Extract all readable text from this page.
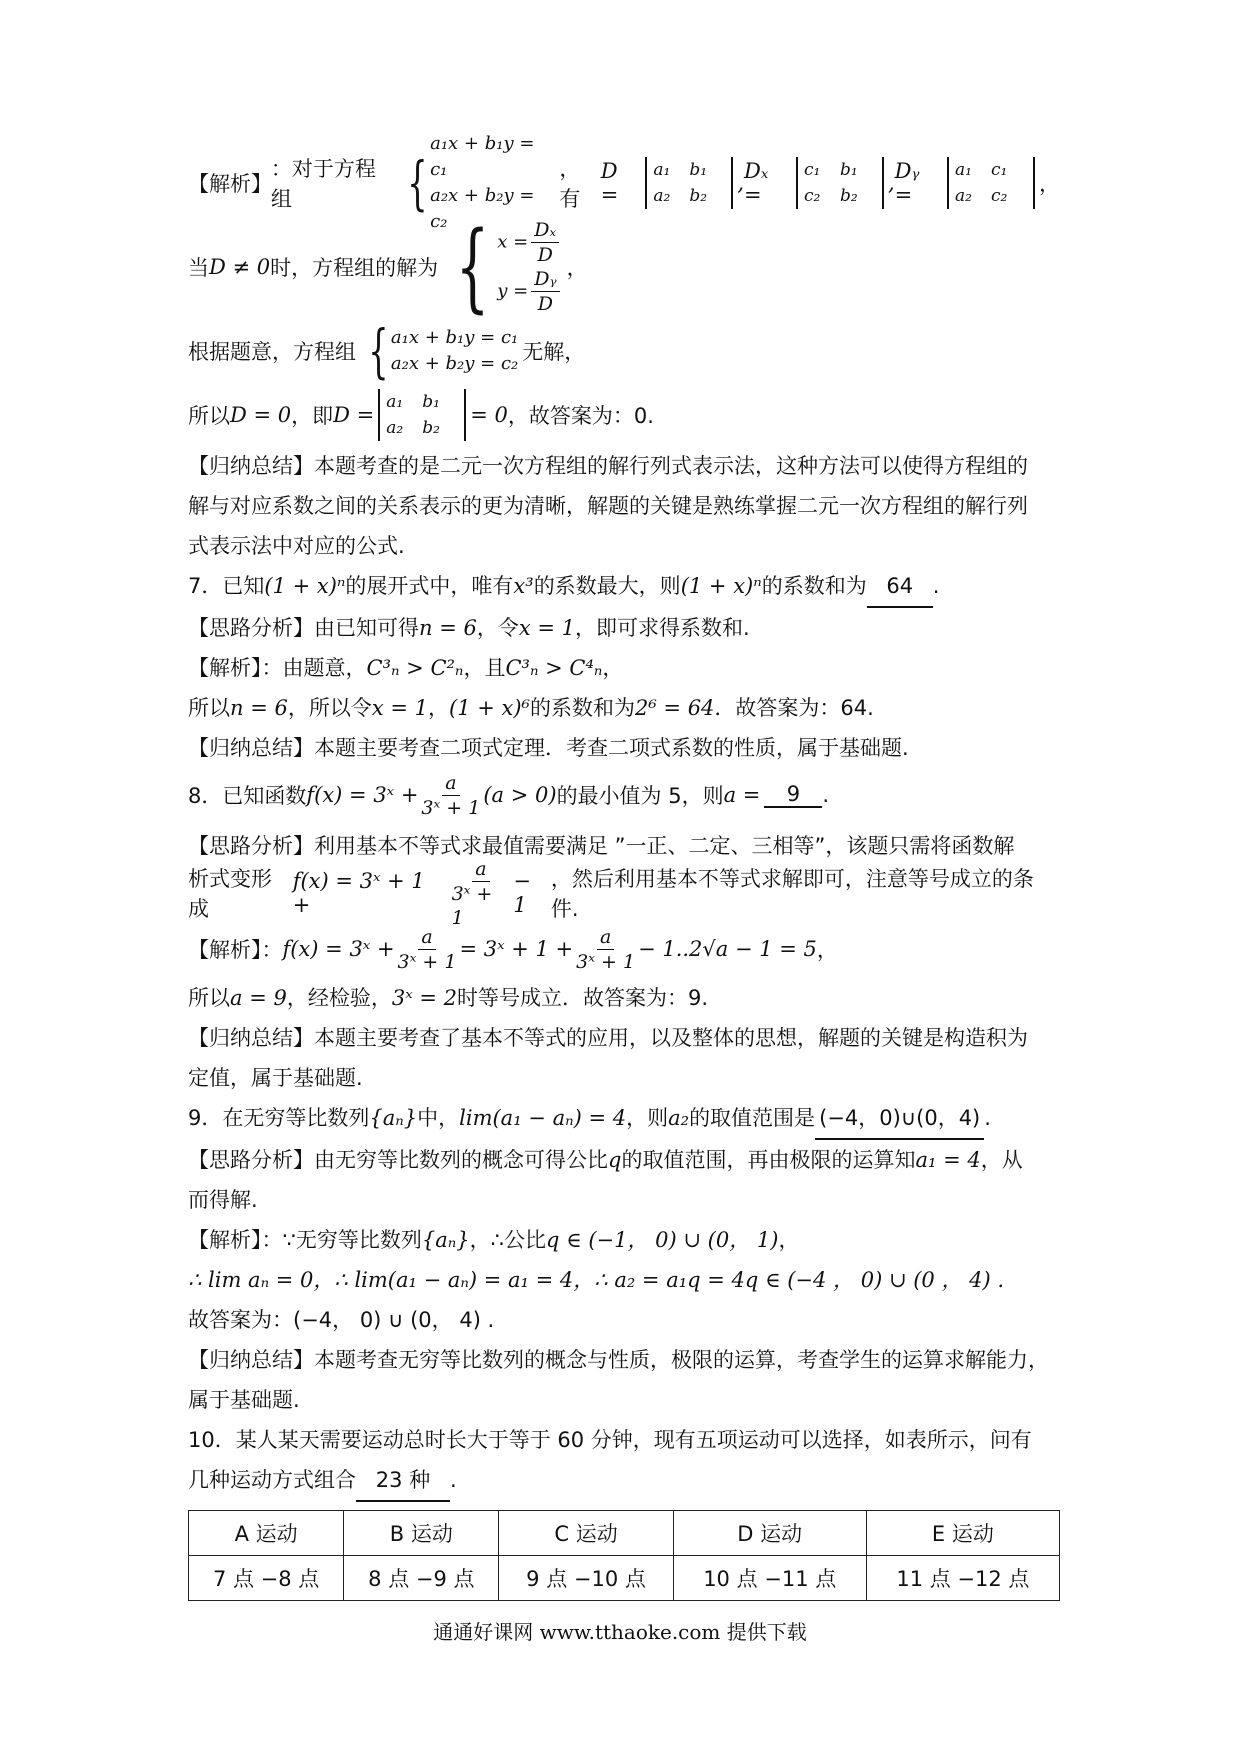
【解析】
：对于方程组	{
a₁x + b₁y = c₁
a₂x + b₂y = c₂
，有
D =
a₁	b₁
a₂	b₂
, Dₓ =
c₁	b₁
c₂	b₂
, Dᵧ =
a₁	c₁
a₂	c₂	，
当 D ≠ 0 时，方程组的解为 { $x = \frac{\text{Dₓ}}{D}$
$y = \frac{\text{Dᵧ}}{D}$ ，
根据题意，方程组 { a₁x + b₁y = c₁
a₂x + b₂y = c₂ 无解，
所以 D = 0 ，即 D =
a₁	b₁
a₂	b₂
= 0 ，故答案为：0.
【归纳总结】本题考查的是二元一次方程组的解行列式表示法，这种方法可以使得方程组的
解与对应系数之间的关系表示的更为清晰，解题的关键是熟练掌握二元一次方程组的解行列
式表示法中对应的公式.
7．已知(1 + x)ⁿ的展开式中，唯有x³的系数最大，则(1 + x)ⁿ的系数和为 64 .
【思路分析】由已知可得n = 6，令x = 1，即可求得系数和.
【解析】：由题意，C³ₙ > C²ₙ，且C³ₙ > C⁴ₙ，
所以n = 6，所以令x = 1，(1 + x)⁶的系数和为2⁶ = 64．故答案为：64.
【归纳总结】本题主要考查二项式定理．考查二项式系数的性质，属于基础题.
8．已知函数 f(x) = 3ˣ + $\frac{a}{\text{3ˣ + 1}} (a > 0)$ 的最小值为 5，则 a =	9	.
【思路分析】利用基本不等式求最值需要满足 ”一正、二定、三相等”，该题只需将函数解
析式变形成
f(x) = 3ˣ + 1 +	$\frac{a}{\text{3ˣ + 1}} - 1$
，然后利用基本不等式求解即可，注意等号成立的条件.
【解析】： f(x) = 3ˣ + $\frac{a}{\text{3ˣ + 1}}$ = 3ˣ + $1 + \frac{a}{\text{3ˣ + 1}} - 1..2√a - 1 = 5$ ，
所以a = 9，经检验，3ˣ = 2时等号成立．故答案为：9.
【归纳总结】本题主要考查了基本不等式的应用，以及整体的思想，解题的关键是构造积为
定值，属于基础题.
9．在无穷等比数列{aₙ}中，lim(a₁ − aₙ) = 4，则a₂的取值范围是 (−4，0)∪(0，4) .
【思路分析】由无穷等比数列的概念可得公比q的取值范围，再由极限的运算知a₁ = 4，从
而得解.
【解析】：∵无穷等比数列{aₙ}，∴公比q ∈ (−1， 0) ∪ (0， 1)，
∴ lim aₙ = 0，∴ lim(a₁ − aₙ) = a₁ = 4，∴ a₂ = a₁q = 4q ∈ (−4 ， 0) ∪ (0 ， 4) .
故答案为：(−4， 0) ∪ (0， 4) .
【归纳总结】本题考查无穷等比数列的概念与性质，极限的运算，考查学生的运算求解能力，
属于基础题.
10．某人某天需要运动总时长大于等于 60 分钟，现有五项运动可以选择，如表所示，问有
几种运动方式组合 23 种 .
A 运动	B 运动	C 运动	D 运动	E 运动
7 点 −8 点	8 点 −9 点	9 点 −10 点	10 点 −11 点	11 点 −12 点
通通好课网 www.tthaoke.com 提供下载
